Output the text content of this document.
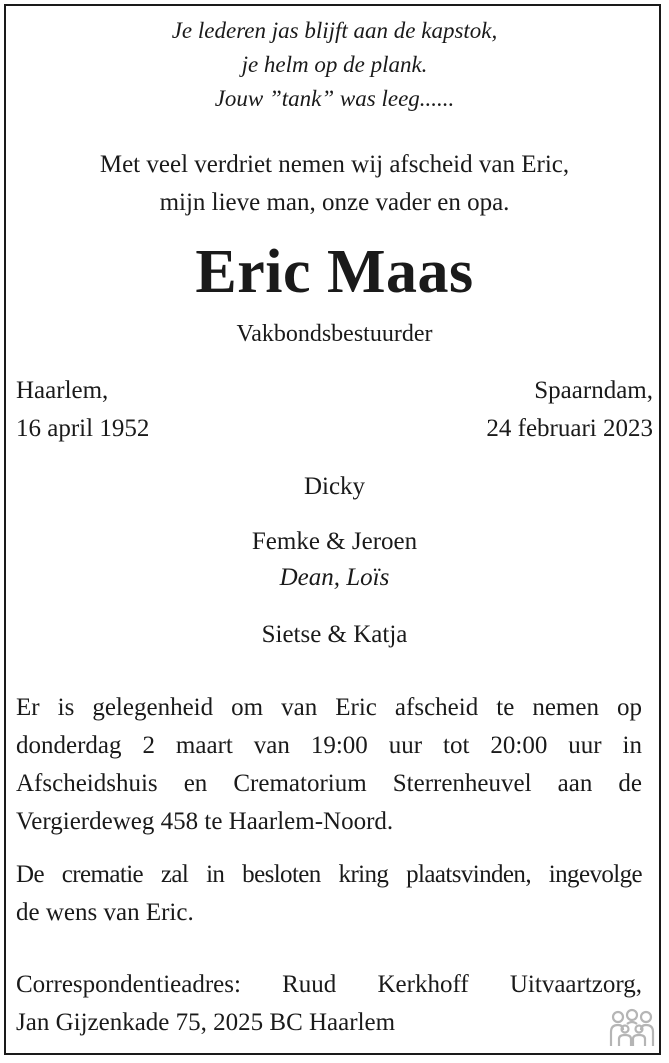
Je lederen jas blijft aan de kapstok,
je helm op de plank.
Jouw ”tank” was leeg......
Met veel verdriet nemen wij afscheid van Eric,
mijn lieve man, onze vader en opa.
Eric Maas
Vakbondsbestuurder
Haarlem,
16 april 1952
Spaarndam,
24 februari 2023
Dicky
Femke & Jeroen
Dean, Loïs
Sietse & Katja
Er is gelegenheid om van Eric afscheid te nemen op
donderdag 2 maart van 19:00 uur tot 20:00 uur in
Afscheidshuis en Crematorium Sterrenheuvel aan de
Vergierdeweg 458 te Haarlem-Noord.
De crematie zal in besloten kring plaatsvinden, ingevolge
de wens van Eric.
Correspondentieadres: Ruud Kerkhoff Uitvaartzorg,
Jan Gijzenkade 75, 2025 BC Haarlem
